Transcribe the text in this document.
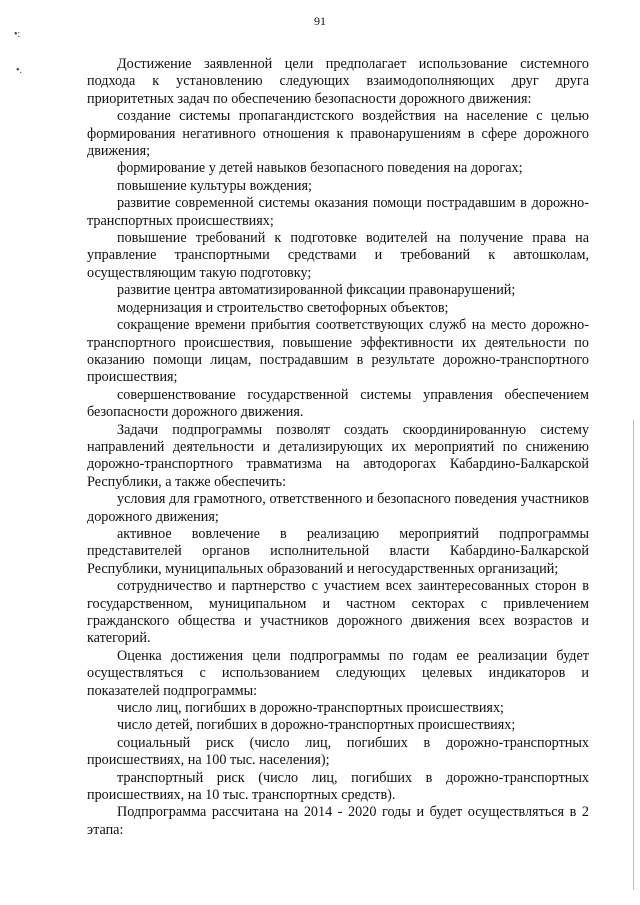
91
•:
•.	Достижение заявленной цели предполагает использование системного подхода к установлению следующих взаимодополняющих друг друга приоритетных задач по обеспечению безопасности дорожного движения:

создание системы пропагандистского воздействия на население с целью формирования негативного отношения к правонарушениям в сфере дорожного движения;

формирование у детей навыков безопасного поведения на дорогах;

повышение культуры вождения;

развитие современной системы оказания помощи пострадавшим в дорожно-транспортных происшествиях;

повышение требований к подготовке водителей на получение права на управление транспортными средствами и требований к автошколам, осуществляющим такую подготовку;

развитие центра автоматизированной фиксации правонарушений;

модернизация и строительство светофорных объектов;

сокращение времени прибытия соответствующих служб на место дорожно-транспортного происшествия, повышение эффективности их деятельности по оказанию помощи лицам, пострадавшим в результате дорожно-транспортного происшествия;

совершенствование государственной системы управления обеспечением безопасности дорожного движения.

Задачи подпрограммы позволят создать скоординированную систему направлений деятельности и детализирующих их мероприятий по снижению дорожно-транспортного травматизма на автодорогах Кабардино-Балкарской Республики, а также обеспечить:

условия для грамотного, ответственного и безопасного поведения участников дорожного движения;

активное вовлечение в реализацию мероприятий подпрограммы представителей органов исполнительной власти Кабардино-Балкарской Республики, муниципальных образований и негосударственных организаций;

сотрудничество и партнерство с участием всех заинтересованных сторон в государственном, муниципальном и частном секторах с привлечением гражданского общества и участников дорожного движения всех возрастов и категорий.

Оценка достижения цели подпрограммы по годам ее реализации будет осуществляться с использованием следующих целевых индикаторов и показателей подпрограммы:

число лиц, погибших в дорожно-транспортных происшествиях;

число детей, погибших в дорожно-транспортных происшествиях;

социальный риск (число лиц, погибших в дорожно-транспортных происшествиях, на 100 тыс. населения);

транспортный риск (число лиц, погибших в дорожно-транспортных происшествиях, на 10 тыс. транспортных средств).

Подпрограмма рассчитана на 2014 - 2020 годы и будет осуществляться в 2 этапа:
